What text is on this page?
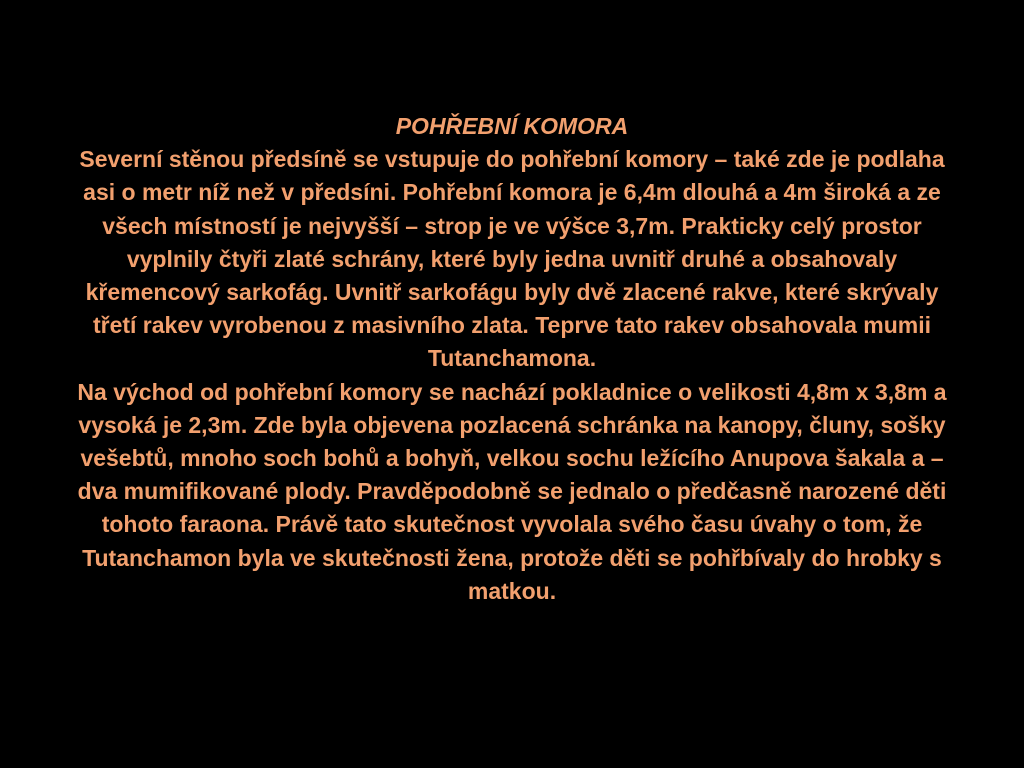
POHŘEBNÍ KOMORA
Severní stěnou předsíně se vstupuje do pohřební komory – také zde je podlaha asi o metr níž než v předsíni. Pohřební komora je 6,4m dlouhá a 4m široká a ze všech místností je nejvyšší – strop je ve výšce 3,7m. Prakticky celý prostor vyplnily čtyři zlaté schrány, které byly jedna uvnitř druhé a obsahovaly křemencový sarkofág. Uvnitř sarkofágu byly dvě zlacené rakve, které skrývaly třetí rakev vyrobenou z masivního zlata. Teprve tato rakev obsahovala mumii Tutanchamona.
Na východ od pohřební komory se nachází pokladnice o velikosti 4,8m x 3,8m a vysoká je 2,3m. Zde byla objevena pozlacená schránka na kanopy, čluny, sošky vešebtů, mnoho soch bohů a bohyň, velkou sochu ležícího Anupova šakala a – dva mumifikované plody. Pravděpodobně se jednalo o předčasně narozené děti tohoto faraona. Právě tato skutečnost vyvolala svého času úvahy o tom, že Tutanchamon byla ve skutečnosti žena, protože děti se pohřbívaly do hrobky s matkou.
